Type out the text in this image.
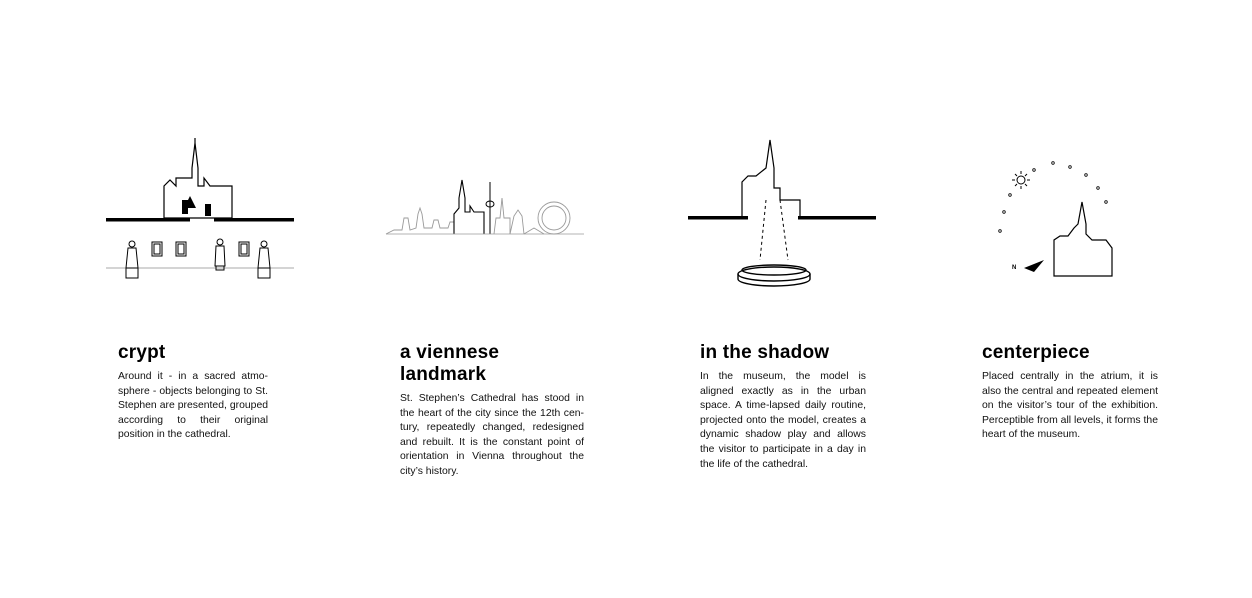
N
crypt

Around it - in a sacred atmosphere - objects belonging to St. Stephen are presented, grouped according to their original position in the cathedral.

a viennese landmark

St. Stephen’s Cathedral has stood in the heart of the city since the 12th century, repeatedly changed, redesigned and rebuilt. It is the constant point of orientation in Vienna throughout the city’s history.

in the shadow

In the museum, the model is aligned exactly as in the urban space. A time-lapsed daily routine, projected onto the model, creates a dynamic shadow play and allows the visitor to participate in a day in the life of the cathedral.

centerpiece

Placed centrally in the atrium, it is also the central and repeated element on the visitor’s tour of the exhibition. Perceptible from all levels, it forms the heart of the museum.
